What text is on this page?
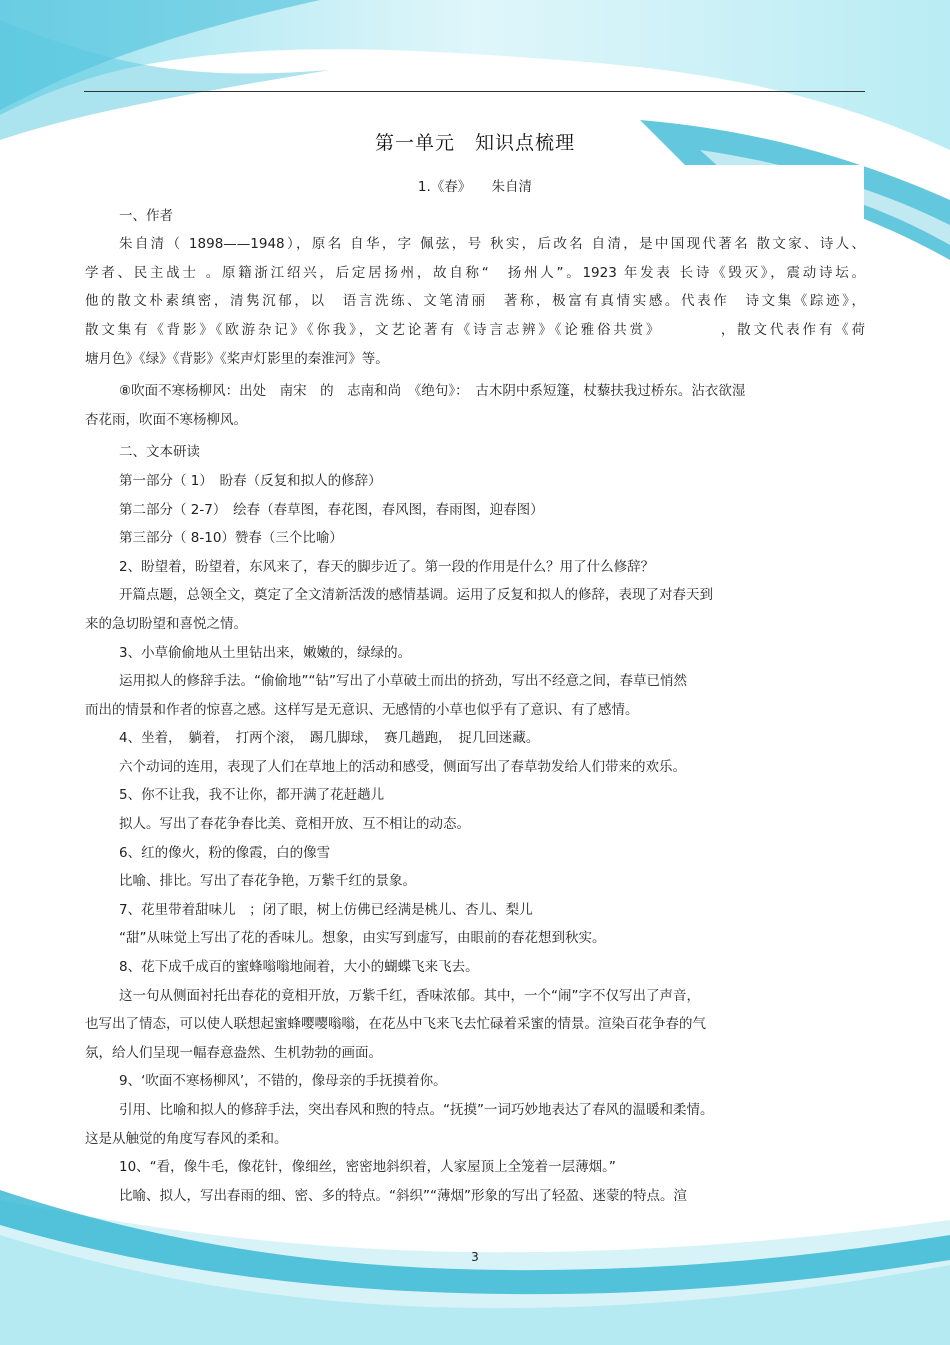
第一单元　知识点梳理

1.《春》　　朱自清

一、作者

朱自清（ 1898——1948），原名 自华，字 佩弦，号 秋实，后改名 自清，是中国现代著名 散文家、诗人、

学者、民主战士 。原籍浙江绍兴，后定居扬州，故自称“　扬州人”。1923 年发表 长诗《毁灭》，震动诗坛。

他的散文朴素缜密，清隽沉郁，以　语言洗练、文笔清丽　著称，极富有真情实感。代表作　诗文集《踪迹》，

散文集有《背影》《欧游杂记》《你我》，文艺论著有《诗言志辨》《论雅俗共赏》　　　　，散文代表作有《荷

塘月色》《绿》《背影》《桨声灯影里的秦淮河》等。

⑧吹面不寒杨柳风：出处　南宋　的　志南和尚　《绝句》：　古木阴中系短篷，杖藜扶我过桥东。沾衣欲湿

杏花雨，吹面不寒杨柳风。

二、文本研读

第一部分（ 1）　盼春（反复和拟人的修辞）

第二部分（ 2-7）　绘春（春草图，春花图，春风图，春雨图，迎春图）

第三部分（ 8-10）赞春（三个比喻）

2、盼望着，盼望着，东风来了，春天的脚步近了。第一段的作用是什么？用了什么修辞？

开篇点题，总领全文，奠定了全文清新活泼的感情基调。运用了反复和拟人的修辞，表现了对春天到

来的急切盼望和喜悦之情。

3、小草偷偷地从土里钻出来，嫩嫩的，绿绿的。

运用拟人的修辞手法。“偷偷地”“钻”写出了小草破土而出的挤劲，写出不经意之间，春草已悄然

而出的情景和作者的惊喜之感。这样写是无意识、无感情的小草也似乎有了意识、有了感情。

4、坐着，　躺着，　打两个滚，　踢几脚球，　赛几趟跑，　捉几回迷藏。

六个动词的连用，表现了人们在草地上的活动和感受，侧面写出了春草勃发给人们带来的欢乐。

5、你不让我，我不让你，都开满了花赶趟儿

拟人。写出了春花争春比美、竟相开放、互不相让的动态。

6、红的像火，粉的像霞，白的像雪

比喻、排比。写出了春花争艳，万紫千红的景象。

7、花里带着甜味儿　；闭了眼，树上仿佛已经满是桃儿、杏儿、梨儿

“甜”从味觉上写出了花的香味儿。想象，由实写到虚写，由眼前的春花想到秋实。

8、花下成千成百的蜜蜂嗡嗡地闹着，大小的蝴蝶飞来飞去。

这一句从侧面衬托出春花的竟相开放，万紫千红，香味浓郁。其中，一个“闹”字不仅写出了声音，

也写出了情态，可以使人联想起蜜蜂嘤嘤嗡嗡，在花丛中飞来飞去忙碌着采蜜的情景。渲染百花争春的气

氛，给人们呈现一幅春意盎然、生机勃勃的画面。

9、‘吹面不寒杨柳风’，不错的，像母亲的手抚摸着你。

引用、比喻和拟人的修辞手法，突出春风和煦的特点。“抚摸”一词巧妙地表达了春风的温暖和柔情。

这是从触觉的角度写春风的柔和。

10、“看，像牛毛，像花针，像细丝，密密地斜织着，人家屋顶上全笼着一层薄烟。”

比喻、拟人，写出春雨的细、密、多的特点。“斜织”“薄烟”形象的写出了轻盈、迷蒙的特点。渲

3
